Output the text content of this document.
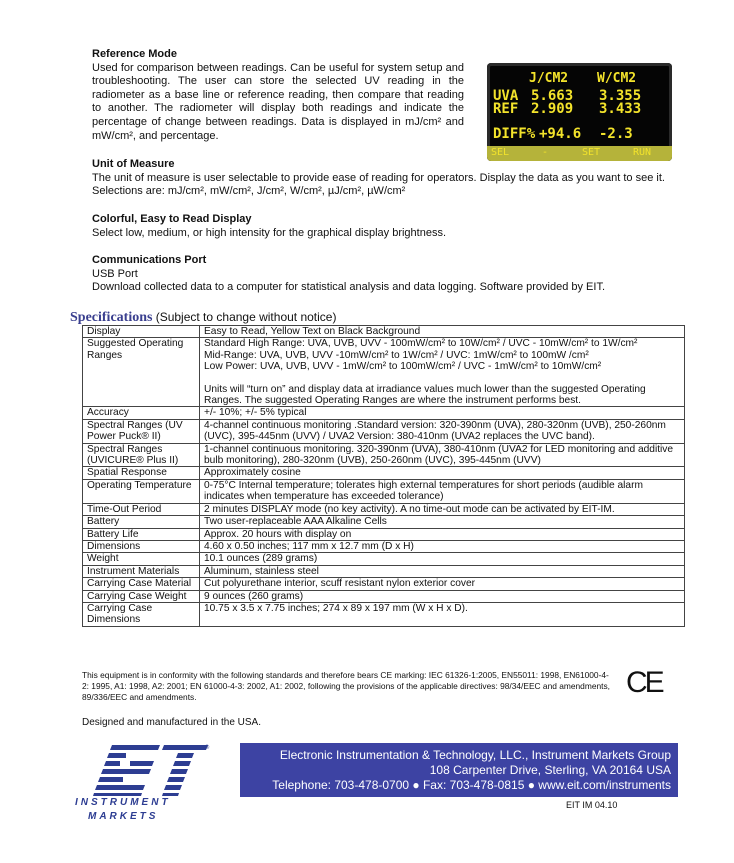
Reference Mode

Used for comparison between readings. Can be useful for system setup and troubleshooting. The user can store the selected UV reading in the radiometer as a base line or reference reading, then compare that reading to another. The radiometer will display both readings and indicate the percentage of change between readings. Data is displayed in mJ/cm² and mW/cm², and percentage.

J/CM2 W/CM2
UVA 5.663 3.355
REF 2.909 3.433
DIFF% +94.6 -2.3
SEL	-	SET	RUN
Unit of Measure

The unit of measure is user selectable to provide ease of reading for operators. Display the data as you want to see it. Selections are: mJ/cm², mW/cm², J/cm², W/cm², µJ/cm², µW/cm²

Colorful, Easy to Read Display

Select low, medium, or high intensity for the graphical display brightness.

Communications Port

USB Port

Download collected data to a computer for statistical analysis and data logging. Software provided by EIT.

Specifications (Subject to change without notice)
Display	Easy to Read, Yellow Text on Black Background

Suggested Operating Ranges	Standard High Range: UVA, UVB, UVV - 100mW/cm² to 10W/cm² / UVC - 10mW/cm² to 1W/cm²
Mid-Range: UVA, UVB, UVV -10mW/cm² to 1W/cm² / UVC: 1mW/cm² to 100mW /cm²
Low Power: UVA, UVB, UVV - 1mW/cm² to 100mW/cm² / UVC - 1mW/cm² to 10mW/cm²
Units will “turn on” and display data at irradiance values much lower than the suggested Operating Ranges. The suggested Operating Ranges are where the instrument performs best.

Accuracy	+/- 10%; +/- 5% typical

Spectral Ranges (UV Power Puck® II)	4-channel continuous monitoring .Standard version: 320-390nm (UVA), 280-320nm (UVB), 250-260nm (UVC), 395-445nm (UVV) / UVA2 Version: 380-410nm (UVA2 replaces the UVC band).

Spectral Ranges (UVICURE® Plus II)	1-channel continuous monitoring. 320-390nm (UVA), 380-410nm (UVA2 for LED monitoring and additive bulb monitoring), 280-320nm (UVB), 250-260nm (UVC), 395-445nm (UVV)

Spatial Response	Approximately cosine

Operating Temperature	0-75°C Internal temperature; tolerates high external temperatures for short periods (audible alarm indicates when temperature has exceeded tolerance)

Time-Out Period	2 minutes DISPLAY mode (no key activity). A no time-out mode can be activated by EIT-IM.

Battery	Two user-replaceable AAA Alkaline Cells

Battery Life	Approx. 20 hours with display on

Dimensions	4.60 x 0.50 inches; 117 mm x 12.7 mm (D x H)

Weight	10.1 ounces (289 grams)

Instrument Materials	Aluminum, stainless steel

Carrying Case Material	Cut polyurethane interior, scuff resistant nylon exterior cover

Carrying Case Weight	9 ounces (260 grams)

Carrying Case Dimensions	10.75 x 3.5 x 7.75 inches; 274 x 89 x 197 mm (W x H x D).
This equipment is in conformity with the following standards and therefore bears CE marking: IEC 61326-1:2005, EN55011: 1998, EN61000-4-2: 1995, A1: 1998, A2: 2001; EN 61000-4-3: 2002, A1: 2002, following the provisions of the applicable directives: 98/34/EEC and amendments, 89/336/EEC and amendments.	CE
Designed and manufactured in the USA.
®
INSTRUMENT
MARKETS
Electronic Instrumentation & Technology, LLC., Instrument Markets Group
108 Carpenter Drive, Sterling, VA 20164 USA
Telephone: 703-478-0700 ● Fax: 703-478-0815 ● www.eit.com/instruments
EIT IM 04.10
